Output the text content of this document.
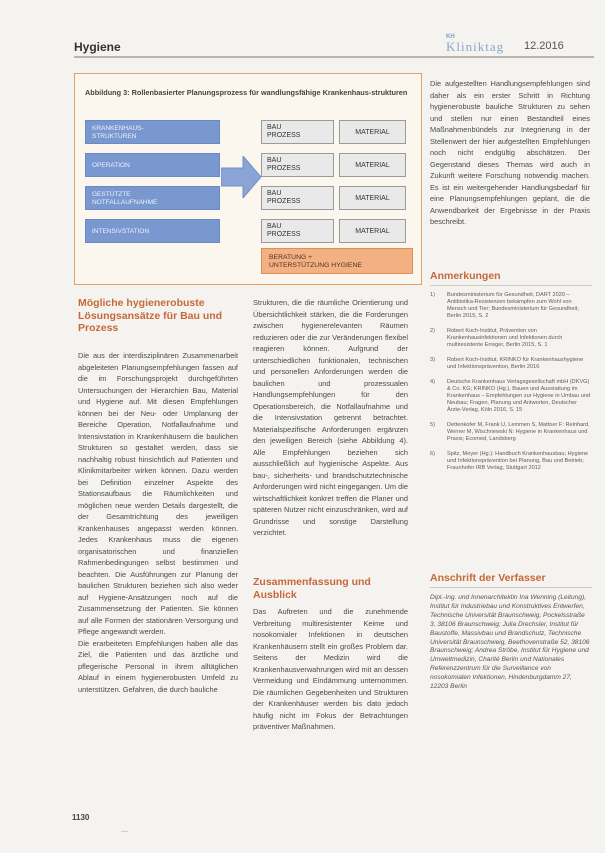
Hygiene
KH
Kliniktag 12.2016
Abbildung 3: Rollenbasierter Planungsprozess für wandlungsfähige Krankenhaus-strukturen
KRANKENHAUS-
STRUKTUREN
OPERATION
GESTÜTZTE
NOTFALLAUFNAHME
INTENSIVSTATION
BAU
PROZESS	MATERIAL
BAU
PROZESS	MATERIAL
BAU
PROZESS	MATERIAL
BAU
PROZESS	MATERIAL
BERATUNG +
UNTERSTÜTZUNG HYGIENE
Die aufgestellten Handlungsempfehlungen sind daher als ein erster Schritt in Richtung hygienerobuste bauliche Strukturen zu sehen und stellen nur einen Bestandteil eines Maßnahmenbündels zur Integrierung in der Stellenwert der hier aufgestellten Empfehlungen noch nicht endgültig abschätzen. Der Gegenstand dieses Themas wird auch in Zukunft weitere Forschung notwendig machen. Es ist ein weitergehender Handlungsbedarf für eine Planungsempfehlungen geplant, die die Anwendbarkeit der Ergebnisse in der Praxis beschreibt.
Anmerkungen
1) Bundesministerium für Gesundheit, DART 2020 – Antibiotika-Resistenzen bekämpfen zum Wohl von Mensch und Tier; Bundesministerium für Gesundheit, Berlin 2015, S. 2
2) Robert Koch-Institut, Prävention von Krankenhausinfektionen und Infektionen durch multiresistente Erreger, Berlin 2015, S. 1
3) Robert Koch-Institut, KRINKO für Krankenhaushygiene und Infektionsprävention, Berlin 2016
4) Deutsche Krankenhaus Verlagsgesellschaft mbH (DKVG) & Co. KG; KRINKO (Hg.), Bauen und Ausstattung im Krankenhaus – Empfehlungen zur Hygiene in Umbau und Neubau; Fragen, Planung und Antworten, Deutscher Ärzte-Verlag, Köln 2016, S. 15
5) Dettenkofer M, Frank U, Lemmen S, Mattner F: Reinhard, Werner M, Wischnewski N: Hygiene in Krankenhaus und Praxis; Ecomed, Landsberg
6) Spitz, Meyer (Hg.): Handbuch Krankenhausbau; Hygiene und Infektionsprävention bei Planung, Bau und Betrieb; Fraunhofer IRB Verlag, Stuttgart 2012
Anschrift der Verfasser
Dipl.-Ing. und Innenarchitektin Ina Wenning (Leitung), Institut für Industriebau und Konstruktives Entwerfen, Technische Universität Braunschweig, Pockelsstraße 3, 38106 Braunschweig; Julia Drechsler, Institut für Baustoffe, Massivbau und Brandschutz, Technische Universität Braunschweig, Beethovenstraße 52, 38106 Braunschweig; Andrea Ströbe, Institut für Hygiene und Umweltmedizin, Charité Berlin und Nationales Referenzzentrum für die Surveillance von nosokomialen Infektionen, Hindenburgdamm 27, 12203 Berlin
Mögliche hygienerobuste Lösungsansätze für Bau und Prozess
Die aus der interdisziplinären Zusammenarbeit abgeleiteten Planungsempfehlungen fassen auf die im Forschungsprojekt durchgeführten Untersuchungen der Hierarchien Bau, Material und Hygiene auf. Mit diesen Empfehlungen können bei der Neu- oder Umplanung der Bereiche Operation, Notfallaufnahme und Intensivstation in Krankenhäusern die baulichen Strukturen so gestaltet werden, dass sie nachhaltig robust hinsichtlich auf Patienten und Klinikmitarbeiter wirken können. Dazu werden bei Definition einzelner Aspekte des Stationsaufbaus die Räumlichkeiten und möglichen neue werden Details dargestellt, die der Gesamtrichtung des jeweiligen Krankenhauses angepasst werden können. Jedes Krankenhaus muss die eigenen organisatorischen und finanziellen Rahmenbedingungen selbst bestimmen und beachten. Die Ausführungen zur Planung der baulichen Strukturen beziehen sich also weder auf Hygiene-Ansätzungen noch auf die Zusammensetzung der Patienten. Sie können auf alle Formen der stationären Versorgung und Pflege angewandt werden.
Die erarbeiteten Empfehlungen haben alle das Ziel, die Patienten und das ärztliche und pflegerische Personal in ihrem alltäglichen Ablauf in einem hygienerobusten Umfeld zu unterstützen. Gefahren, die durch bauliche
Strukturen, die die räumliche Orientierung und Übersichtlichkeit stärken, die die Forderungen zwischen hygienerelevanten Räumen reduzieren oder die zur Veränderungen flexibel reagieren können. Aufgrund der unterschiedlichen funktionalen, technischen und personellen Anforderungen werden die baulichen und prozessualen Handlungsempfehlungen für den Operationsbereich, die Notfallaufnahme und die Intensivstation getrennt betrachtet. Materialspezifische Anforderungen ergänzen den jeweiligen Bereich (siehe Abbildung 4). Alle Empfehlungen beziehen sich ausschließlich auf hygienische Aspekte. Aus bau-, sicherheits- und brandschutztechnische Anforderungen wird nicht eingegangen. Um die wirtschaftlichkeit konkret treffen die Planer und späteren Nutzer nicht einzuschränken, wird auf Grundrisse und sonstige Darstellung verzichtet.
Zusammenfassung und Ausblick
Das Auftreten und die zunehmende Verbreitung multiresistenter Keime und nosokomialer Infektionen in deutschen Krankenhäusern stellt ein großes Problem dar. Seitens der Medizin wird die Krankenhausverwahrungen wird mit an dessen Vermeidung und Eindämmung unternommen. Die räumlichen Gegebenheiten und Strukturen der Krankenhäuser werden bis dato jedoch häufig nicht im Fokus der Betrachtungen präventiver Maßnahmen.
1130
—
